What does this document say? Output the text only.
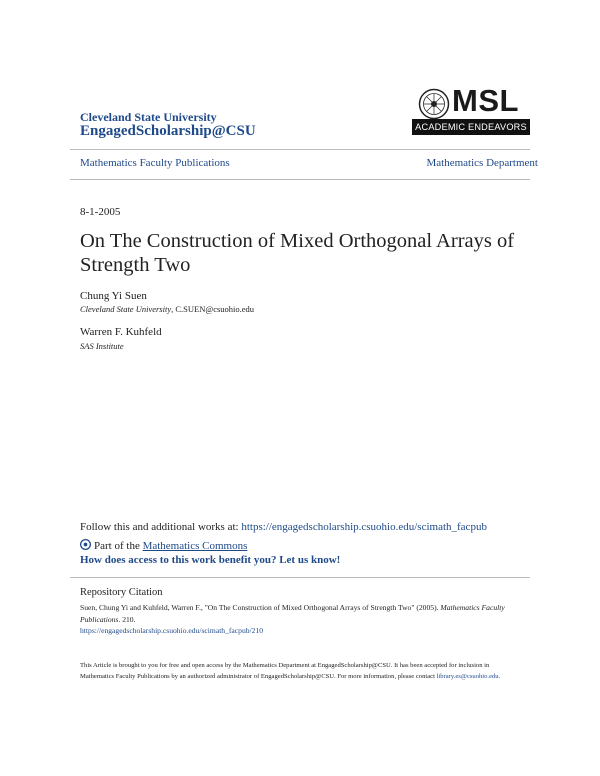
Cleveland State University
EngagedScholarship@CSU
MSL
ACADEMIC ENDEAVORS
Mathematics Faculty Publications	Mathematics Department
8-1-2005
On The Construction of Mixed Orthogonal Arrays of Strength Two
Chung Yi Suen
Cleveland State University, C.SUEN@csuohio.edu
Warren F. Kuhfeld
SAS Institute
Follow this and additional works at: https://engagedscholarship.csuohio.edu/scimath_facpub
Part of the Mathematics Commons
How does access to this work benefit you? Let us know!
Repository Citation
Suen, Chung Yi and Kuhfeld, Warren F., "On The Construction of Mixed Orthogonal Arrays of Strength Two" (2005). Mathematics Faculty Publications. 210.
https://engagedscholarship.csuohio.edu/scimath_facpub/210
This Article is brought to you for free and open access by the Mathematics Department at EngagedScholarship@CSU. It has been accepted for inclusion in Mathematics Faculty Publications by an authorized administrator of EngagedScholarship@CSU. For more information, please contact library.es@csuohio.edu.
